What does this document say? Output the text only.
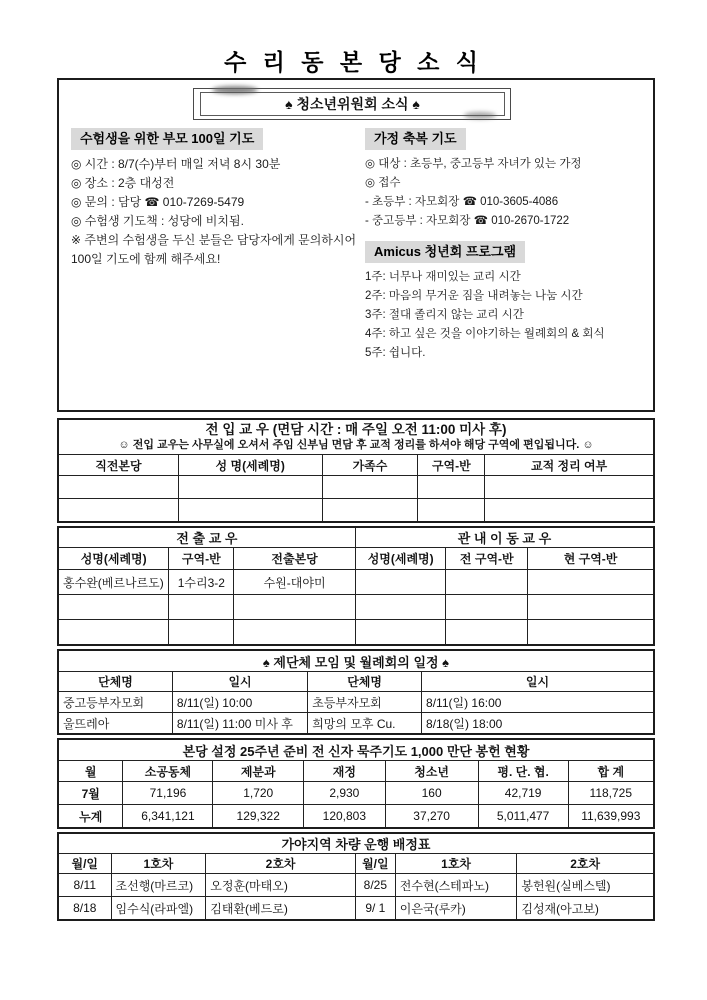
수 리 동 본 당 소 식
♠ 청소년위원회 소식 ♠
수험생을 위한 부모 100일 기도
◎ 시간 : 8/7(수)부터 매일 저녁 8시 30분
◎ 장소 : 2층 대성전
◎ 문의 : 담당 ☎ 010-7269-5479
◎ 수험생 기도책 : 성당에 비치됨.
※ 주변의 수험생을 두신 분들은 담당자에게 문의하시어 100일 기도에 함께 해주세요!
가정 축복 기도
◎ 대상 : 초등부, 중고등부 자녀가 있는 가정
◎ 접수
- 초등부 : 자모회장 ☎ 010-3605-4086
- 중고등부 : 자모회장 ☎ 010-2670-1722
Amicus 청년회 프로그램
1주: 너무나 재미있는 교리 시간
2주: 마음의 무거운 짐을 내려놓는 나눔 시간
3주: 절대 졸리지 않는 교리 시간
4주: 하고 싶은 것을 이야기하는 월례회의 & 회식
5주: 쉽니다.
전 입 교 우 (면담 시간 : 매 주일 오전 11:00 미사 후)
☺ 전입 교우는 사무실에 오셔서 주임 신부님 면담 후 교적 정리를 하셔야 해당 구역에 편입됩니다. ☺				

직전본당	성 명(세례명)	가족수	구역-반	교적 정리 여부

전 출 교 우			관 내 이 동 교 우		
성명(세례명)	구역-반	전출본당	성명(세례명)	전 구역-반	현 구역-반
홍수완(베르나르도)	1수리3-2	수원-대야미			

♠ 제단체 모임 및 월례회의 일정 ♠			
단체명	일시	단체명	일시
중고등부자모회	8/11(일) 10:00	초등부자모회	8/11(일) 16:00
울뜨레아	8/11(일) 11:00 미사 후	희망의 모후 Cu.	8/18(일) 18:00
본당 설정 25주년 준비 전 신자 묵주기도 1,000 만단 봉헌 현황						
월	소공동체	제분과	재정	청소년	평. 단. 협.	합 계
7월	71,196	1,720	2,930	160	42,719	118,725
누계	6,341,121	129,322	120,803	37,270	5,011,477	11,639,993
가야지역 차량 운행 배정표					
월/일	1호차	2호차	월/일	1호차	2호차
8/11	조선행(마르코)	오정훈(마태오)	8/25	전수현(스테파노)	봉헌원(실베스텔)
8/18	임수식(라파엘)	김태환(베드로)	9/ 1	이은국(루카)	김성재(아고보)
